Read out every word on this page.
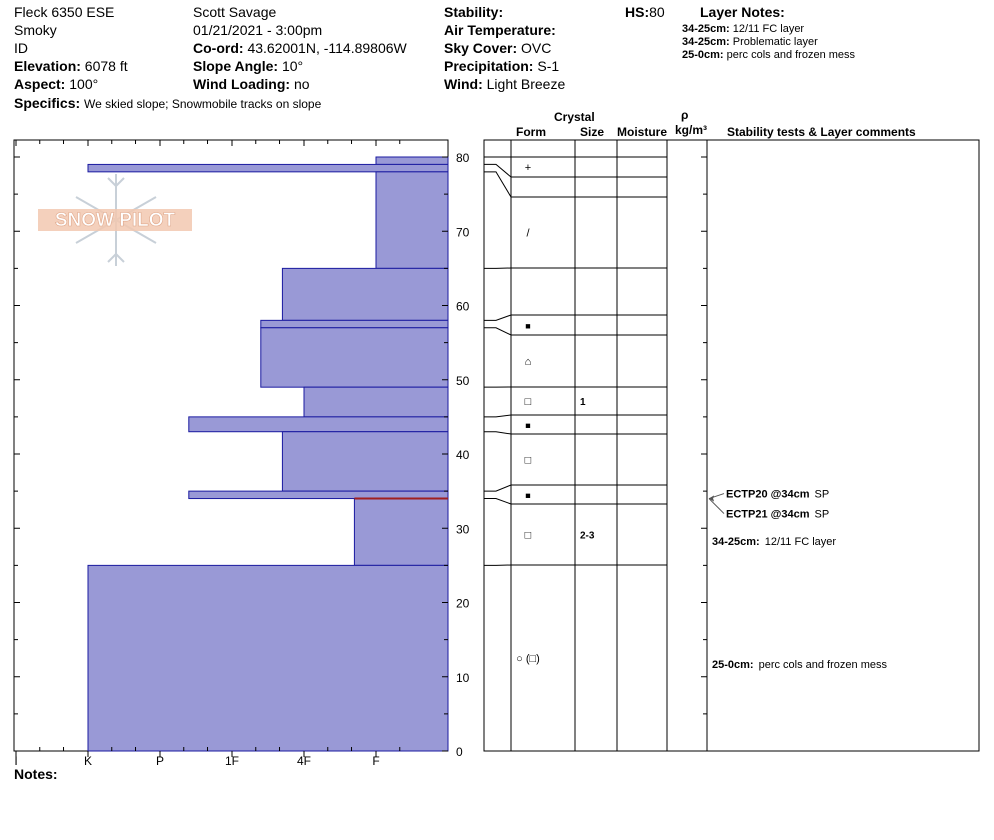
Fleck 6350 ESE
Smoky
ID
Elevation: 6078 ft
Aspect: 100°
Specifics: We skied slope; Snowmobile tracks on slope
Scott Savage
01/21/2021 - 3:00pm
Co-ord: 43.62001N, -114.89806W
Slope Angle: 10°
Wind Loading: no
Stability:
Air Temperature:
Sky Cover: OVC
Precipitation: S-1
Wind: Light Breeze
HS:80	Layer Notes:
34-25cm: 12/11 FC layer
34-25cm: Problematic layer
25-0cm: perc cols and frozen mess
Crystal
Form	Size Moisture
ρ
kg/m³ Stability tests & Layer comments
Notes:
SNOW PILOT
0
10
20
30
40
50
60
70
80
I	K	P	1F	4F	F
+
/
■
⌂
□	1
■
□
■
□	2-3
○ (□)
ECTP20 @34cm SP
ECTP21 @34cm SP
34-25cm: 12/11 FC layer
25-0cm: perc cols and frozen mess
